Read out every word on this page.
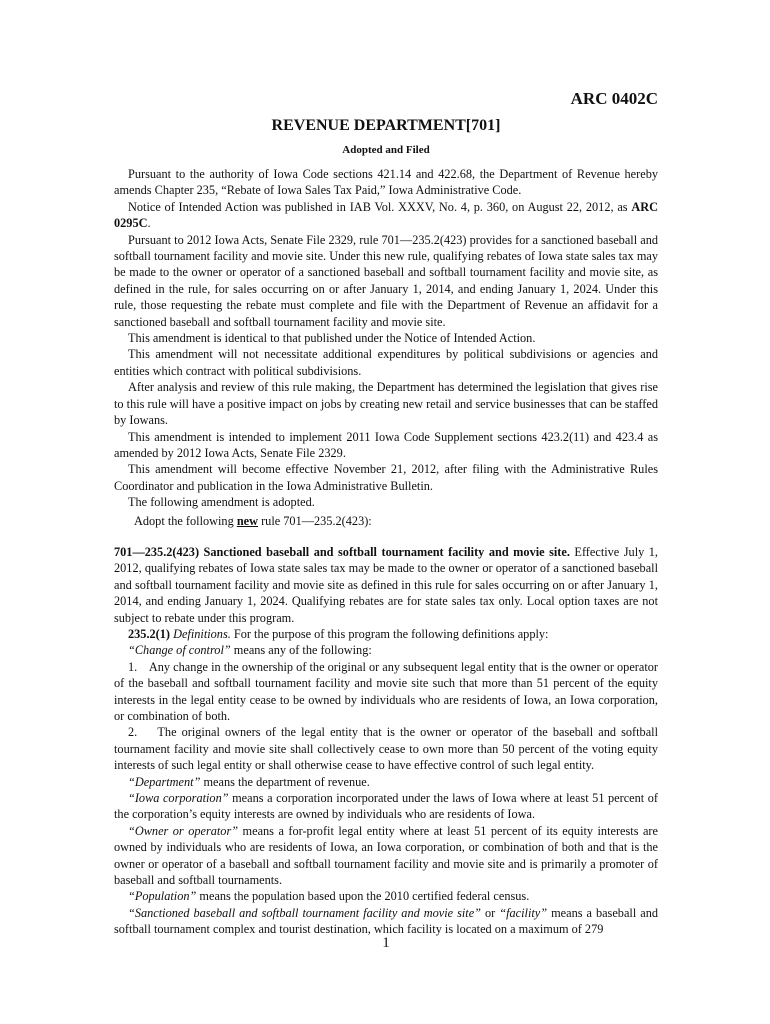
ARC 0402C
REVENUE DEPARTMENT[701]
Adopted and Filed

Pursuant to the authority of Iowa Code sections 421.14 and 422.68, the Department of Revenue hereby amends Chapter 235, “Rebate of Iowa Sales Tax Paid,” Iowa Administrative Code.

Notice of Intended Action was published in IAB Vol. XXXV, No. 4, p. 360, on August 22, 2012, as ARC 0295C.

Pursuant to 2012 Iowa Acts, Senate File 2329, rule 701—235.2(423) provides for a sanctioned baseball and softball tournament facility and movie site. Under this new rule, qualifying rebates of Iowa state sales tax may be made to the owner or operator of a sanctioned baseball and softball tournament facility and movie site, as defined in the rule, for sales occurring on or after January 1, 2014, and ending January 1, 2024. Under this rule, those requesting the rebate must complete and file with the Department of Revenue an affidavit for a sanctioned baseball and softball tournament facility and movie site.

This amendment is identical to that published under the Notice of Intended Action.

This amendment will not necessitate additional expenditures by political subdivisions or agencies and entities which contract with political subdivisions.

After analysis and review of this rule making, the Department has determined the legislation that gives rise to this rule will have a positive impact on jobs by creating new retail and service businesses that can be staffed by Iowans.

This amendment is intended to implement 2011 Iowa Code Supplement sections 423.2(11) and 423.4 as amended by 2012 Iowa Acts, Senate File 2329.

This amendment will become effective November 21, 2012, after filing with the Administrative Rules Coordinator and publication in the Iowa Administrative Bulletin.

The following amendment is adopted.

Adopt the following new rule 701—235.2(423):

701—235.2(423) Sanctioned baseball and softball tournament facility and movie site. Effective July 1, 2012, qualifying rebates of Iowa state sales tax may be made to the owner or operator of a sanctioned baseball and softball tournament facility and movie site as defined in this rule for sales occurring on or after January 1, 2014, and ending January 1, 2024. Qualifying rebates are for state sales tax only. Local option taxes are not subject to rebate under this program.

235.2(1) Definitions. For the purpose of this program the following definitions apply:

“Change of control” means any of the following:

1.    Any change in the ownership of the original or any subsequent legal entity that is the owner or operator of the baseball and softball tournament facility and movie site such that more than 51 percent of the equity interests in the legal entity cease to be owned by individuals who are residents of Iowa, an Iowa corporation, or combination of both.

2.    The original owners of the legal entity that is the owner or operator of the baseball and softball tournament facility and movie site shall collectively cease to own more than 50 percent of the voting equity interests of such legal entity or shall otherwise cease to have effective control of such legal entity.

“Department” means the department of revenue.

“Iowa corporation” means a corporation incorporated under the laws of Iowa where at least 51 percent of the corporation’s equity interests are owned by individuals who are residents of Iowa.

“Owner or operator” means a for-profit legal entity where at least 51 percent of its equity interests are owned by individuals who are residents of Iowa, an Iowa corporation, or combination of both and that is the owner or operator of a baseball and softball tournament facility and movie site and is primarily a promoter of baseball and softball tournaments.

“Population” means the population based upon the 2010 certified federal census.

“Sanctioned baseball and softball tournament facility and movie site” or “facility” means a baseball and softball tournament complex and tourist destination, which facility is located on a maximum of 279

1
